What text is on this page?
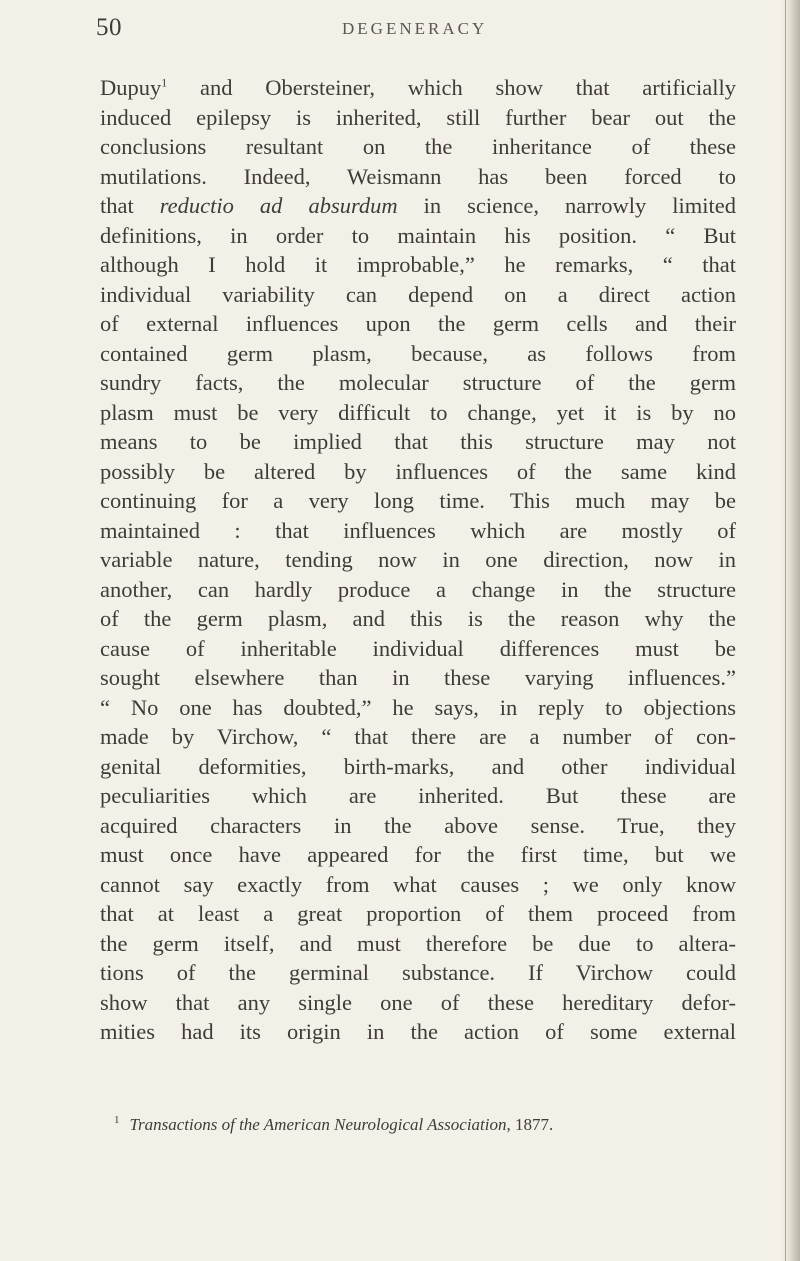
50	DEGENERACY
Dupuy$^1$ and Obersteiner, which show that artificially
induced epilepsy is inherited, still further bear out the
conclusions resultant on the inheritance of these
mutilations. Indeed, Weismann has been forced to
that reductio ad absurdum in science, narrowly limited
definitions, in order to maintain his position. “ But
although I hold it improbable,” he remarks, “ that
individual variability can depend on a direct action
of external influences upon the germ cells and their
contained germ plasm, because, as follows from
sundry facts, the molecular structure of the germ
plasm must be very difficult to change, yet it is by no
means to be implied that this structure may not
possibly be altered by influences of the same kind
continuing for a very long time. This much may be
maintained : that influences which are mostly of
variable nature, tending now in one direction, now in
another, can hardly produce a change in the structure
of the germ plasm, and this is the reason why the
cause of inheritable individual differences must be
sought elsewhere than in these varying influences.”
“ No one has doubted,” he says, in reply to objections
made by Virchow, “ that there are a number of con-
genital deformities, birth-marks, and other individual
peculiarities which are inherited. But these are
acquired characters in the above sense. True, they
must once have appeared for the first time, but we
cannot say exactly from what causes ; we only know
that at least a great proportion of them proceed from
the germ itself, and must therefore be due to altera-
tions of the germinal substance. If Virchow could
show that any single one of these hereditary defor-
mities had its origin in the action of some external
$^1$ Transactions of the American Neurological Association, 1877.
